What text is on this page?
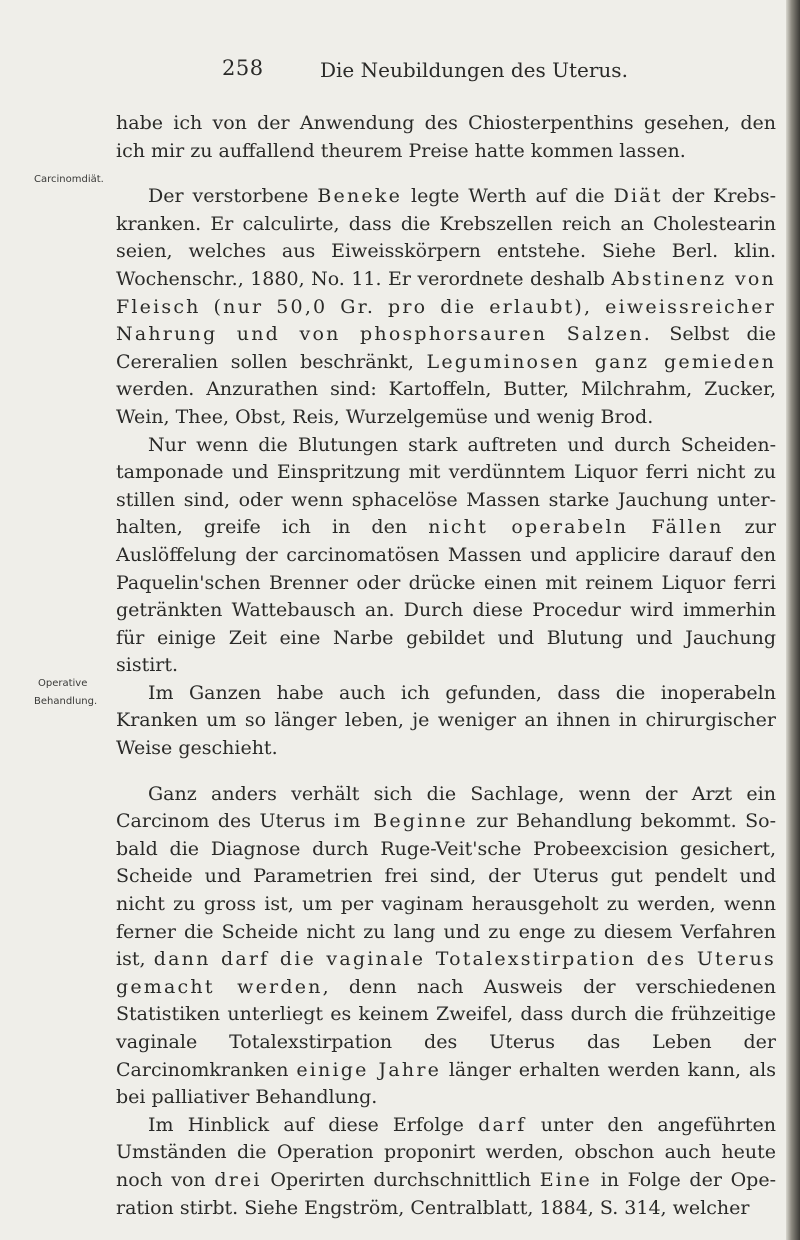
258	Die Neubildungen des Uterus.
Carcinomdiät.
Operative
Behandlung.

habe ich von der Anwendung des Chiosterpenthins gesehen, den ich mir zu auffallend theurem Preise hatte kommen lassen.

Der verstorbene Beneke legte Werth auf die Diät der Krebskranken. Er calculirte, dass die Krebszellen reich an Cholestearin seien, welches aus Eiweisskörpern entstehe. Siehe Berl. klin. Wochenschr., 1880, No. 11. Er verordnete deshalb Abstinenz von Fleisch (nur 50,0 Gr. pro die erlaubt), eiweissreicher Nahrung und von phosphorsauren Salzen. Selbst die Cereralien sollen beschränkt, Leguminosen ganz gemieden werden. Anzurathen sind: Kartoffeln, Butter, Milchrahm, Zucker, Wein, Thee, Obst, Reis, Wurzelgemüse und wenig Brod.

Nur wenn die Blutungen stark auftreten und durch Scheidentamponade und Einspritzung mit verdünntem Liquor ferri nicht zu stillen sind, oder wenn sphacelöse Massen starke Jauchung unterhalten, greife ich in den nicht operabeln Fällen zur Auslöffelung der carcinomatösen Massen und applicire darauf den Paquelin'schen Brenner oder drücke einen mit reinem Liquor ferri getränkten Wattebausch an. Durch diese Procedur wird immerhin für einige Zeit eine Narbe gebildet und Blutung und Jauchung sistirt.

Im Ganzen habe auch ich gefunden, dass die inoperabeln Kranken um so länger leben, je weniger an ihnen in chirurgischer Weise geschieht.

Ganz anders verhält sich die Sachlage, wenn der Arzt ein Carcinom des Uterus im Beginne zur Behandlung bekommt. Sobald die Diagnose durch Ruge-Veit'sche Probeexcision gesichert, Scheide und Parametrien frei sind, der Uterus gut pendelt und nicht zu gross ist, um per vaginam herausgeholt zu werden, wenn ferner die Scheide nicht zu lang und zu enge zu diesem Verfahren ist, dann darf die vaginale Totalexstirpation des Uterus gemacht werden, denn nach Ausweis der verschiedenen Statistiken unterliegt es keinem Zweifel, dass durch die frühzeitige vaginale Totalexstirpation des Uterus das Leben der Carcinomkranken einige Jahre länger erhalten werden kann, als bei palliativer Behandlung.

Im Hinblick auf diese Erfolge darf unter den angeführten Umständen die Operation proponirt werden, obschon auch heute noch von drei Operirten durchschnittlich Eine in Folge der Operation stirbt. Siehe Engström, Centralblatt, 1884, S. 314, welcher
